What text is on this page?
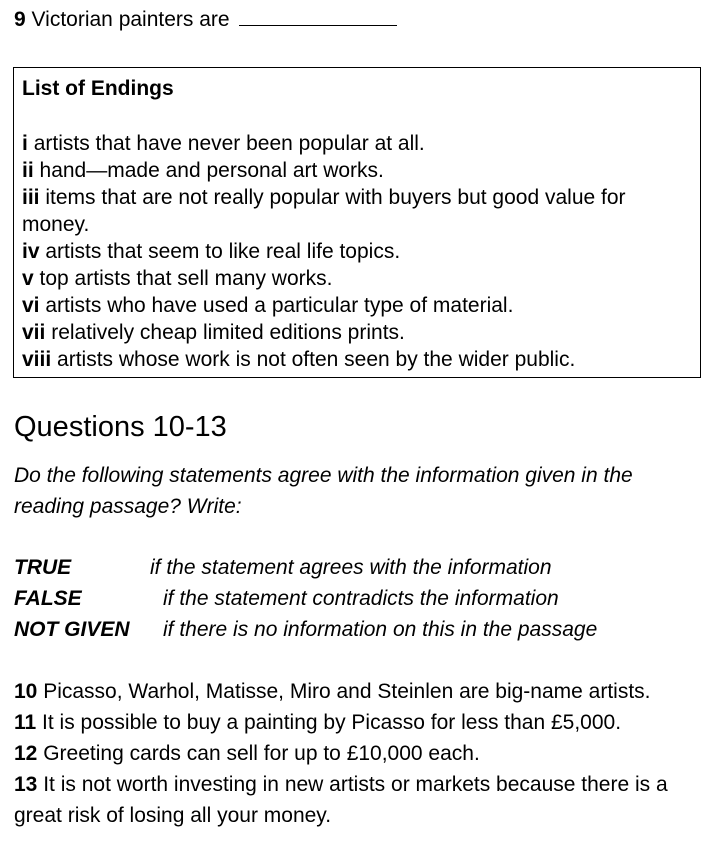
9 Victorian painters are
List of Endings
i artists that have never been popular at all.
ii hand—made and personal art works.
iii items that are not really popular with buyers but good value for money.
iv artists that seem to like real life topics.
v top artists that sell many works.
vi artists who have used a particular type of material.
vii relatively cheap limited editions prints.
viii artists whose work is not often seen by the wider public.
Questions 10-13
Do the following statements agree with the information given in the reading passage? Write:
TRUE	if the statement agrees with the information
FALSE	if the statement contradicts the information
NOT GIVEN if there is no information on this in the passage
10 Picasso, Warhol, Matisse, Miro and Steinlen are big-name artists.
11 It is possible to buy a painting by Picasso for less than £5,000.
12 Greeting cards can sell for up to £10,000 each.
13 It is not worth investing in new artists or markets because there is a great risk of losing all your money.
